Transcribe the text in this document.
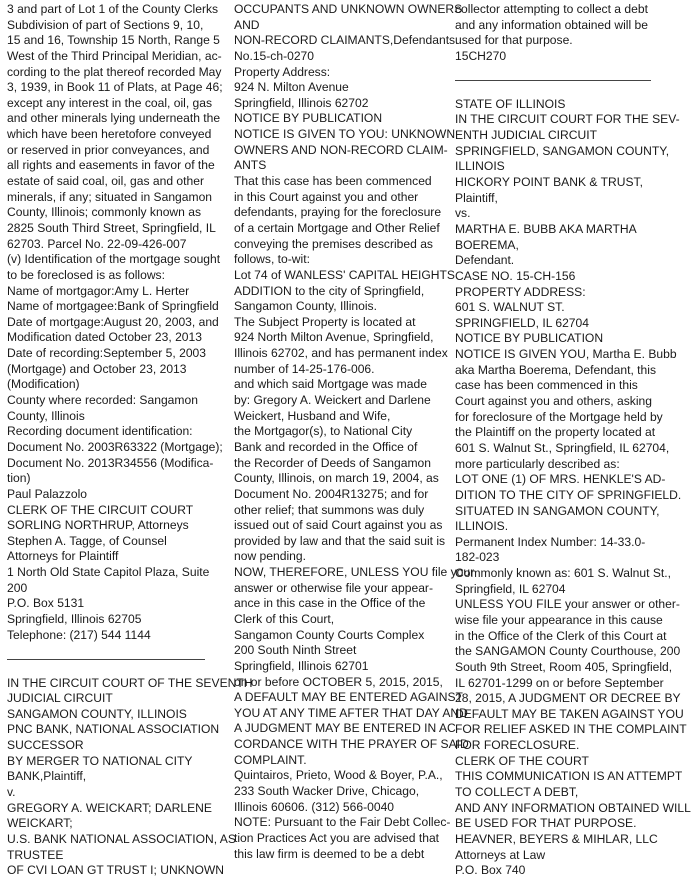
3 and part of Lot 1 of the County Clerks
Subdivision of part of Sections 9, 10,
15 and 16, Township 15 North, Range 5
West of the Third Principal Meridian, ac-
cording to the plat thereof recorded May
3, 1939, in Book 11 of Plats, at Page 46;
except any interest in the coal, oil, gas
and other minerals lying underneath the
which have been heretofore conveyed
or reserved in prior conveyances, and
all rights and easements in favor of the
estate of said coal, oil, gas and other
minerals, if any; situated in Sangamon
County, Illinois; commonly known as
2825 South Third Street, Springfield, IL
62703. Parcel No. 22-09-426-007
(v) Identification of the mortgage sought
to be foreclosed is as follows:
Name of mortgagor:Amy L. Herter
Name of mortgagee:Bank of Springfield
Date of mortgage:August 20, 2003, and
Modification dated October 23, 2013
Date of recording:September 5, 2003
(Mortgage) and October 23, 2013
(Modification)
County where recorded: Sangamon
County, Illinois
Recording document identification:
Document No. 2003R63322 (Mortgage);
Document No. 2013R34556 (Modifica-
tion)
Paul Palazzolo
CLERK OF THE CIRCUIT COURT
SORLING NORTHRUP, Attorneys
Stephen A. Tagge, of Counsel
Attorneys for Plaintiff
1 North Old State Capitol Plaza, Suite
200
P.O. Box 5131
Springfield, Illinois 62705
Telephone: (217) 544 1144
IN THE CIRCUIT COURT OF THE SEVENTH
JUDICIAL CIRCUIT
SANGAMON COUNTY, ILLINOIS
PNC BANK, NATIONAL ASSOCIATION
SUCCESSOR
BY MERGER TO NATIONAL CITY
BANK,Plaintiff,
v.
GREGORY A. WEICKART; DARLENE
WEICKART;
U.S. BANK NATIONAL ASSOCIATION, AS
TRUSTEE
OF CVI LOAN GT TRUST I; UNKNOWN
OCCUPANTS AND UNKNOWN OWNERS
AND
NON-RECORD CLAIMANTS,Defendants.
No.15-ch-0270
Property Address:
924 N. Milton Avenue
Springfield, Illinois 62702
NOTICE BY PUBLICATION
NOTICE IS GIVEN TO YOU: UNKNOWN
OWNERS AND NON-RECORD CLAIM-
ANTS
That this case has been commenced
in this Court against you and other
defendants, praying for the foreclosure
of a certain Mortgage and Other Relief
conveying the premises described as
follows, to-wit:
Lot 74 of WANLESS' CAPITAL HEIGHTS
ADDITION to the city of Springfield,
Sangamon County, Illinois.
The Subject Property is located at
924 North Milton Avenue, Springfield,
Illinois 62702, and has permanent index
number of 14-25-176-006.
and which said Mortgage was made
by: Gregory A. Weickert and Darlene
Weickert, Husband and Wife,
the Mortgagor(s), to National City
Bank and recorded in the Office of
the Recorder of Deeds of Sangamon
County, Illinois, on march 19, 2004, as
Document No. 2004R13275; and for
other relief; that summons was duly
issued out of said Court against you as
provided by law and that the said suit is
now pending.
NOW, THEREFORE, UNLESS YOU file your
answer or otherwise file your appear-
ance in this case in the Office of the
Clerk of this Court,
Sangamon County Courts Complex
200 South Ninth Street
Springfield, Illinois 62701
on or before OCTOBER 5, 2015, 2015,
A DEFAULT MAY BE ENTERED AGAINST
YOU AT ANY TIME AFTER THAT DAY AND
A JUDGMENT MAY BE ENTERED IN AC-
CORDANCE WITH THE PRAYER OF SAID
COMPLAINT.
Quintairos, Prieto, Wood & Boyer, P.A.,
233 South Wacker Drive, Chicago,
Illinois 60606. (312) 566-0040
NOTE: Pursuant to the Fair Debt Collec-
tion Practices Act you are advised that
this law firm is deemed to be a debt
collector attempting to collect a debt
and any information obtained will be
used for that purpose.
15CH270
STATE OF ILLINOIS
IN THE CIRCUIT COURT FOR THE SEV-
ENTH JUDICIAL CIRCUIT
SPRINGFIELD, SANGAMON COUNTY,
ILLINOIS
HICKORY POINT BANK & TRUST,
Plaintiff,
vs.
MARTHA E. BUBB AKA MARTHA
BOEREMA,
Defendant.
CASE NO. 15-CH-156
PROPERTY ADDRESS:
601 S. WALNUT ST.
SPRINGFIELD, IL 62704
NOTICE BY PUBLICATION
NOTICE IS GIVEN YOU, Martha E. Bubb
aka Martha Boerema, Defendant, this
case has been commenced in this
Court against you and others, asking
for foreclosure of the Mortgage held by
the Plaintiff on the property located at
601 S. Walnut St., Springfield, IL 62704,
more particularly described as:
LOT ONE (1) OF MRS. HENKLE'S AD-
DITION TO THE CITY OF SPRINGFIELD.
SITUATED IN SANGAMON COUNTY,
ILLINOIS.
Permanent Index Number: 14-33.0-
182-023
Commonly known as: 601 S. Walnut St.,
Springfield, IL 62704
UNLESS YOU FILE your answer or other-
wise file your appearance in this cause
in the Office of the Clerk of this Court at
the SANGAMON County Courthouse, 200
South 9th Street, Room 405, Springfield,
IL 62701-1299 on or before September
28, 2015, A JUDGMENT OR DECREE BY
DEFAULT MAY BE TAKEN AGAINST YOU
FOR RELIEF ASKED IN THE COMPLAINT
FOR FORECLOSURE.
CLERK OF THE COURT
THIS COMMUNICATION IS AN ATTEMPT
TO COLLECT A DEBT,
AND ANY INFORMATION OBTAINED WILL
BE USED FOR THAT PURPOSE.
HEAVNER, BEYERS & MIHLAR, LLC
Attorneys at Law
P.O. Box 740
